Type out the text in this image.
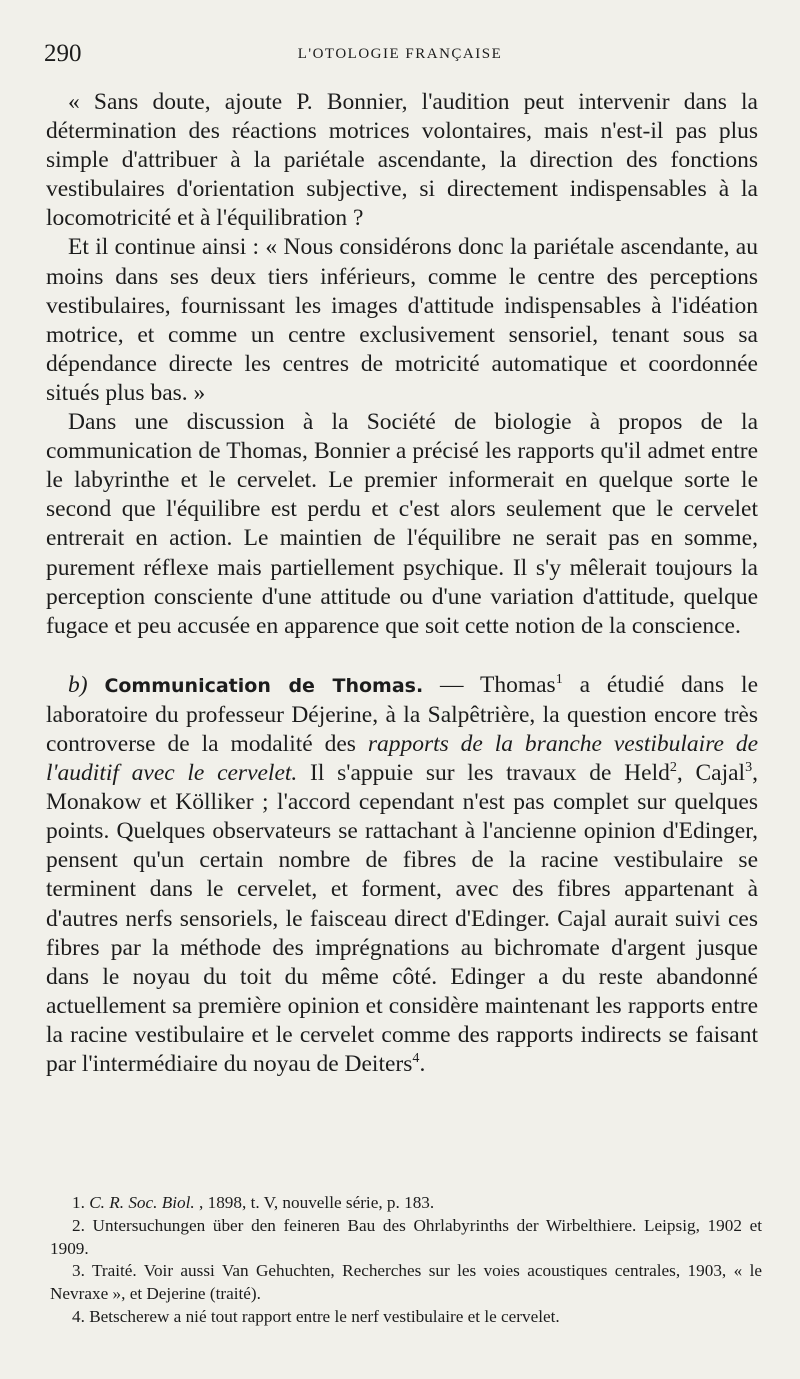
290	L'OTOLOGIE FRANÇAISE

« Sans doute, ajoute P. Bonnier, l'audition peut intervenir dans la détermination des réactions motrices volontaires, mais n'est-il pas plus simple d'attribuer à la pariétale ascendante, la direction des fonctions vestibulaires d'orientation subjective, si directement indispensables à la locomotricité et à l'équilibration ?

Et il continue ainsi : « Nous considérons donc la pariétale ascendante, au moins dans ses deux tiers inférieurs, comme le centre des perceptions vestibulaires, fournissant les images d'attitude indispensables à l'idéation motrice, et comme un centre exclusivement sensoriel, tenant sous sa dépendance directe les centres de motricité automatique et coordonnée situés plus bas. »

Dans une discussion à la Société de biologie à propos de la communication de Thomas, Bonnier a précisé les rapports qu'il admet entre le labyrinthe et le cervelet. Le premier informerait en quelque sorte le second que l'équilibre est perdu et c'est alors seulement que le cervelet entrerait en action. Le maintien de l'équilibre ne serait pas en somme, purement réflexe mais partiellement psychique. Il s'y mêlerait toujours la perception consciente d'une attitude ou d'une variation d'attitude, quelque fugace et peu accusée en apparence que soit cette notion de la conscience.

b) Communication de Thomas. — Thomas$^1$ a étudié dans le laboratoire du professeur Déjerine, à la Salpêtrière, la question encore très controverse de la modalité des rapports de la branche vestibulaire de l'auditif avec le cervelet. Il s'appuie sur les travaux de Held$^2$, Cajal$^3$, Monakow et Kölliker ; l'accord cependant n'est pas complet sur quelques points. Quelques observateurs se rattachant à l'ancienne opinion d'Edinger, pensent qu'un certain nombre de fibres de la racine vestibulaire se terminent dans le cervelet, et forment, avec des fibres appartenant à d'autres nerfs sensoriels, le faisceau direct d'Edinger. Cajal aurait suivi ces fibres par la méthode des imprégnations au bichromate d'argent jusque dans le noyau du toit du même côté. Edinger a du reste abandonné actuellement sa première opinion et considère maintenant les rapports entre la racine vestibulaire et le cervelet comme des rapports indirects se faisant par l'intermédiaire du noyau de Deiters$^4$.

1. C. R. Soc. Biol. , 1898, t. V, nouvelle série, p. 183.

2. Untersuchungen über den feineren Bau des Ohrlabyrinths der Wirbelthiere. Leipsig, 1902 et 1909.

3. Traité. Voir aussi Van Gehuchten, Recherches sur les voies acoustiques centrales, 1903, « le Nevraxe », et Dejerine (traité).

4. Betscherew a nié tout rapport entre le nerf vestibulaire et le cervelet.
